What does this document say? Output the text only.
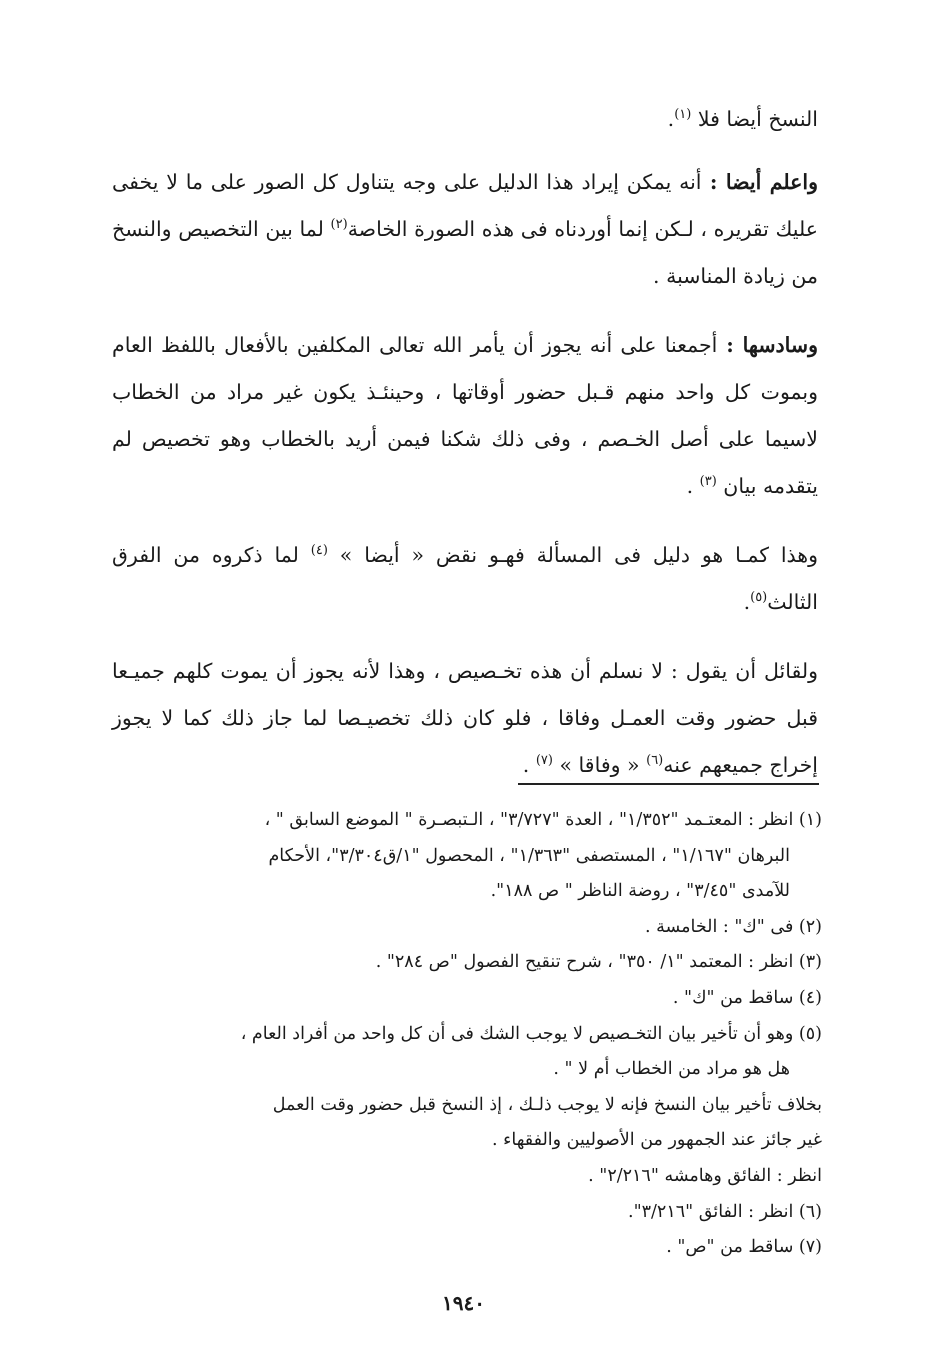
النسخ أيضا فلا $^{(١)}$.

واعلم أيضا : أنه يمكن إيراد هذا الدليل على وجه يتناول كل الصور على ما لا يخفى عليك تقريره ، لـكن إنما أوردناه فى هذه الصورة الخاصة$^{(٢)}$ لما بين التخصيص والنسخ من زيادة المناسبة .

وسادسها : أجمعنا على أنه يجوز أن يأمر الله تعالى المكلفين بالأفعال باللفظ العام وبموت كل واحد منهم قـبل حضور أوقاتها ، وحينئـذ يكون غير مراد من الخطاب لاسيما على أصل الخـصم ، وفى ذلك شكنا فيمن أريد بالخطاب وهو تخصيص لم يتقدمه بيان $^{(٣)}$ .

وهذا كمـا هو دليل فى المسألة فهـو نقض « أيضا » $^{(٤)}$ لما ذكروه من الفرق الثالث$^{(٥)}$.

ولقائل أن يقول : لا نسلم أن هذه تخـصيص ، وهذا لأنه يجوز أن يموت كلهم جميـعا قبل حضور وقت العمـل وفاقا ، فلو كان ذلك تخصيـصا لما جاز ذلك كما لا يجوز إخراج جميعهم عنه$^{(٦)}$ « وفاقا » $^{(٧)}$ .

(١) انظر : المعتـمد "١/٣٥٢" ، العدة "٣/٧٢٧" ، الـتبصـرة " الموضع السابق " ،
البرهان "١/١٦٧" ، المستصفى "١/٣٦٣" ، المحصول "١/ق٣/٣٠٤"، الأحكام
للآمدى "٣/٤٥" ، روضة الناظر " ص ١٨٨".
(٢) فى "ك" : الخامسة .
(٣) انظر : المعتمد "١/ ٣٥٠" ، شرح تنقيح الفصول "ص ٢٨٤" .
(٤) ساقط من "ك" .
(٥) وهو أن تأخير بيان التخـصيص لا يوجب الشك فى أن كل واحد من أفراد العام ،
هل هو مراد من الخطاب أم لا " .
بخلاف تأخير بيان النسخ فإنه لا يوجب ذلـك ، إذ النسخ قبل حضور وقت العمل
غير جائز عند الجمهور من الأصوليين والفقهاء .
انظر : الفائق وهامشه "٢/٢١٦" .
(٦) انظر : الفائق "٣/٢١٦".
(٧) ساقط من "ص" .
١٩٤٠
